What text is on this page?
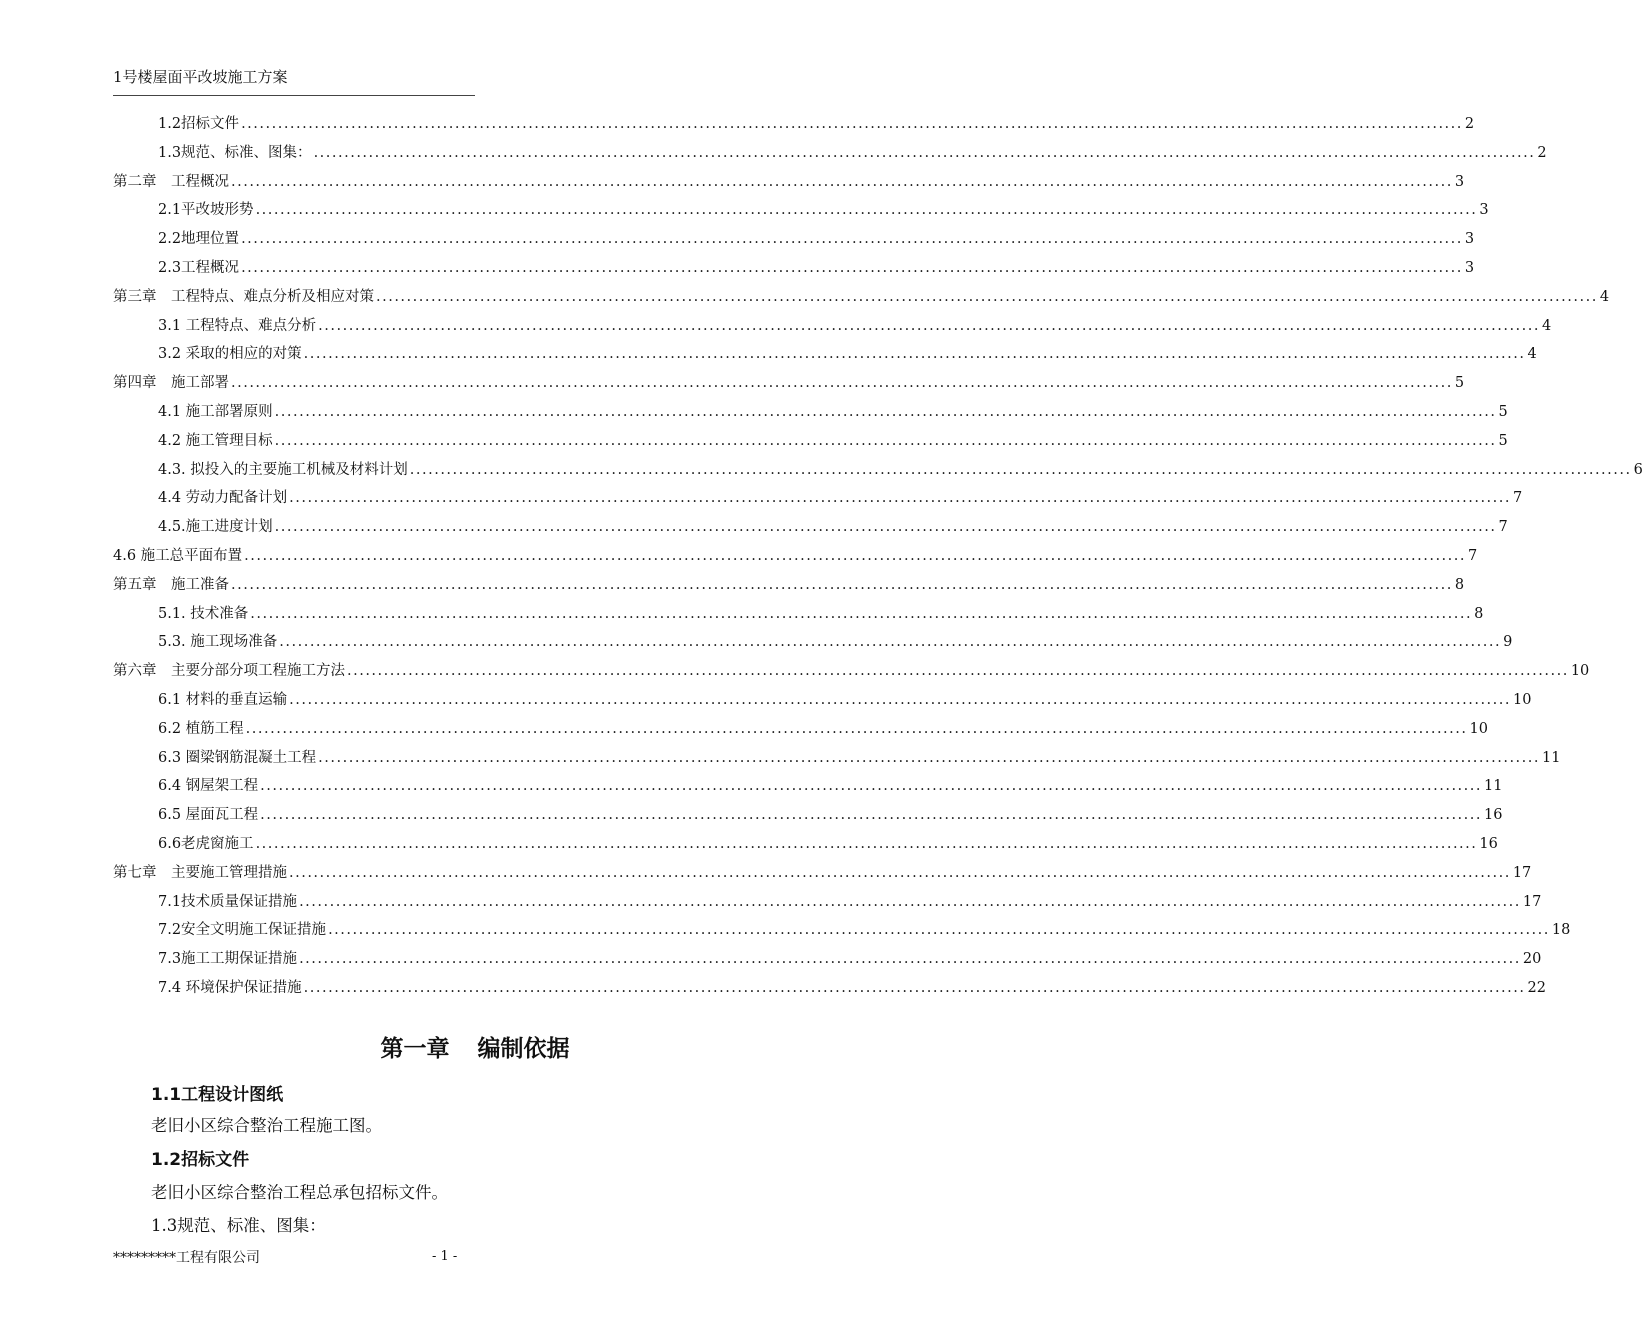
1号楼屋面平改坡施工方案
1.2招标文件 ........................................................................................................................................................................................................ 2
1.3规范、标准、图集： ........................................................................................................................................................................................................ 2
第二章　工程概况 ........................................................................................................................................................................................................ 3
2.1平改坡形势 ........................................................................................................................................................................................................ 3
2.2地理位置 ........................................................................................................................................................................................................ 3
2.3工程概况 ........................................................................................................................................................................................................ 3
第三章　工程特点、难点分析及相应对策 ........................................................................................................................................................................................................ 4
3.1 工程特点、难点分析 ........................................................................................................................................................................................................ 4
3.2 采取的相应的对策 ........................................................................................................................................................................................................ 4
第四章　施工部署 ........................................................................................................................................................................................................ 5
4.1 施工部署原则 ........................................................................................................................................................................................................ 5
4.2 施工管理目标 ........................................................................................................................................................................................................ 5
4.3. 拟投入的主要施工机械及材料计划 ........................................................................................................................................................................................................ 6
4.4 劳动力配备计划 ........................................................................................................................................................................................................ 7
4.5.施工进度计划 ........................................................................................................................................................................................................ 7
4.6 施工总平面布置 ........................................................................................................................................................................................................ 7
第五章　施工准备 ........................................................................................................................................................................................................ 8
5.1. 技术准备 ........................................................................................................................................................................................................ 8
5.3. 施工现场准备 ........................................................................................................................................................................................................ 9
第六章　主要分部分项工程施工方法 ........................................................................................................................................................................................................ 10
6.1 材料的垂直运输 ........................................................................................................................................................................................................ 10
6.2 植筋工程 ........................................................................................................................................................................................................ 10
6.3 圈梁钢筋混凝土工程 ........................................................................................................................................................................................................ 11
6.4 钢屋架工程 ........................................................................................................................................................................................................ 11
6.5 屋面瓦工程 ........................................................................................................................................................................................................ 16
6.6老虎窗施工 ........................................................................................................................................................................................................ 16
第七章　主要施工管理措施 ........................................................................................................................................................................................................ 17
7.1技术质量保证措施 ........................................................................................................................................................................................................ 17
7.2安全文明施工保证措施 ........................................................................................................................................................................................................ 18
7.3施工工期保证措施 ........................................................................................................................................................................................................ 20
7.4 环境保护保证措施 ........................................................................................................................................................................................................ 22
第一章 编制依据
1.1工程设计图纸
老旧小区综合整治工程施工图。
1.2招标文件
老旧小区综合整治工程总承包招标文件。
1.3规范、标准、图集：
*********工程有限公司	- 1 -
